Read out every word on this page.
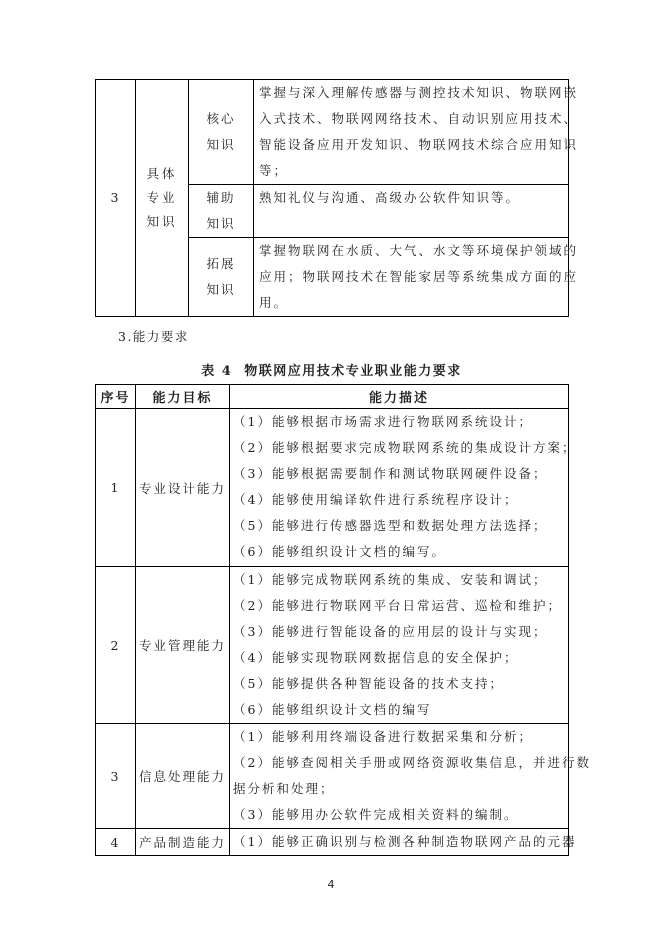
3	具体专业知识	核心知识	掌握与深入理解传感器与测控技术知识、物联网嵌
入式技术、物联网网络技术、自动识别应用技术、
智能设备应用开发知识、物联网技术综合应用知识
等；

		辅助知识	熟知礼仪与沟通、高级办公软件知识等。

		拓展知识	掌握物联网在水质、大气、水文等环境保护领域的
应用；物联网技术在智能家居等系统集成方面的应
用。
3.能力要求
表 4 物联网应用技术专业职业能力要求
序号	能力目标	能力描述
1	专业设计能力	
（1）能够根据市场需求进行物联网系统设计；
（2）能够根据要求完成物联网系统的集成设计方案；
（3）能够根据需要制作和测试物联网硬件设备；
（4）能够使用编译软件进行系统程序设计；
（5）能够进行传感器选型和数据处理方法选择；
（6）能够组织设计文档的编写。

2	专业管理能力	
（1）能够完成物联网系统的集成、安装和调试；
（2）能够进行物联网平台日常运营、巡检和维护；
（3）能够进行智能设备的应用层的设计与实现；
（4）能够实现物联网数据信息的安全保护；
（5）能够提供各种智能设备的技术支持；
（6）能够组织设计文档的编写

3	信息处理能力	（1）能够利用终端设备进行数据采集和分析；
（2）能够查阅相关手册或网络资源收集信息，并进行数
据分析和处理；
（3）能够用办公软件完成相关资料的编制。

4	产品制造能力	（1）能够正确识别与检测各种制造物联网产品的元器
4
